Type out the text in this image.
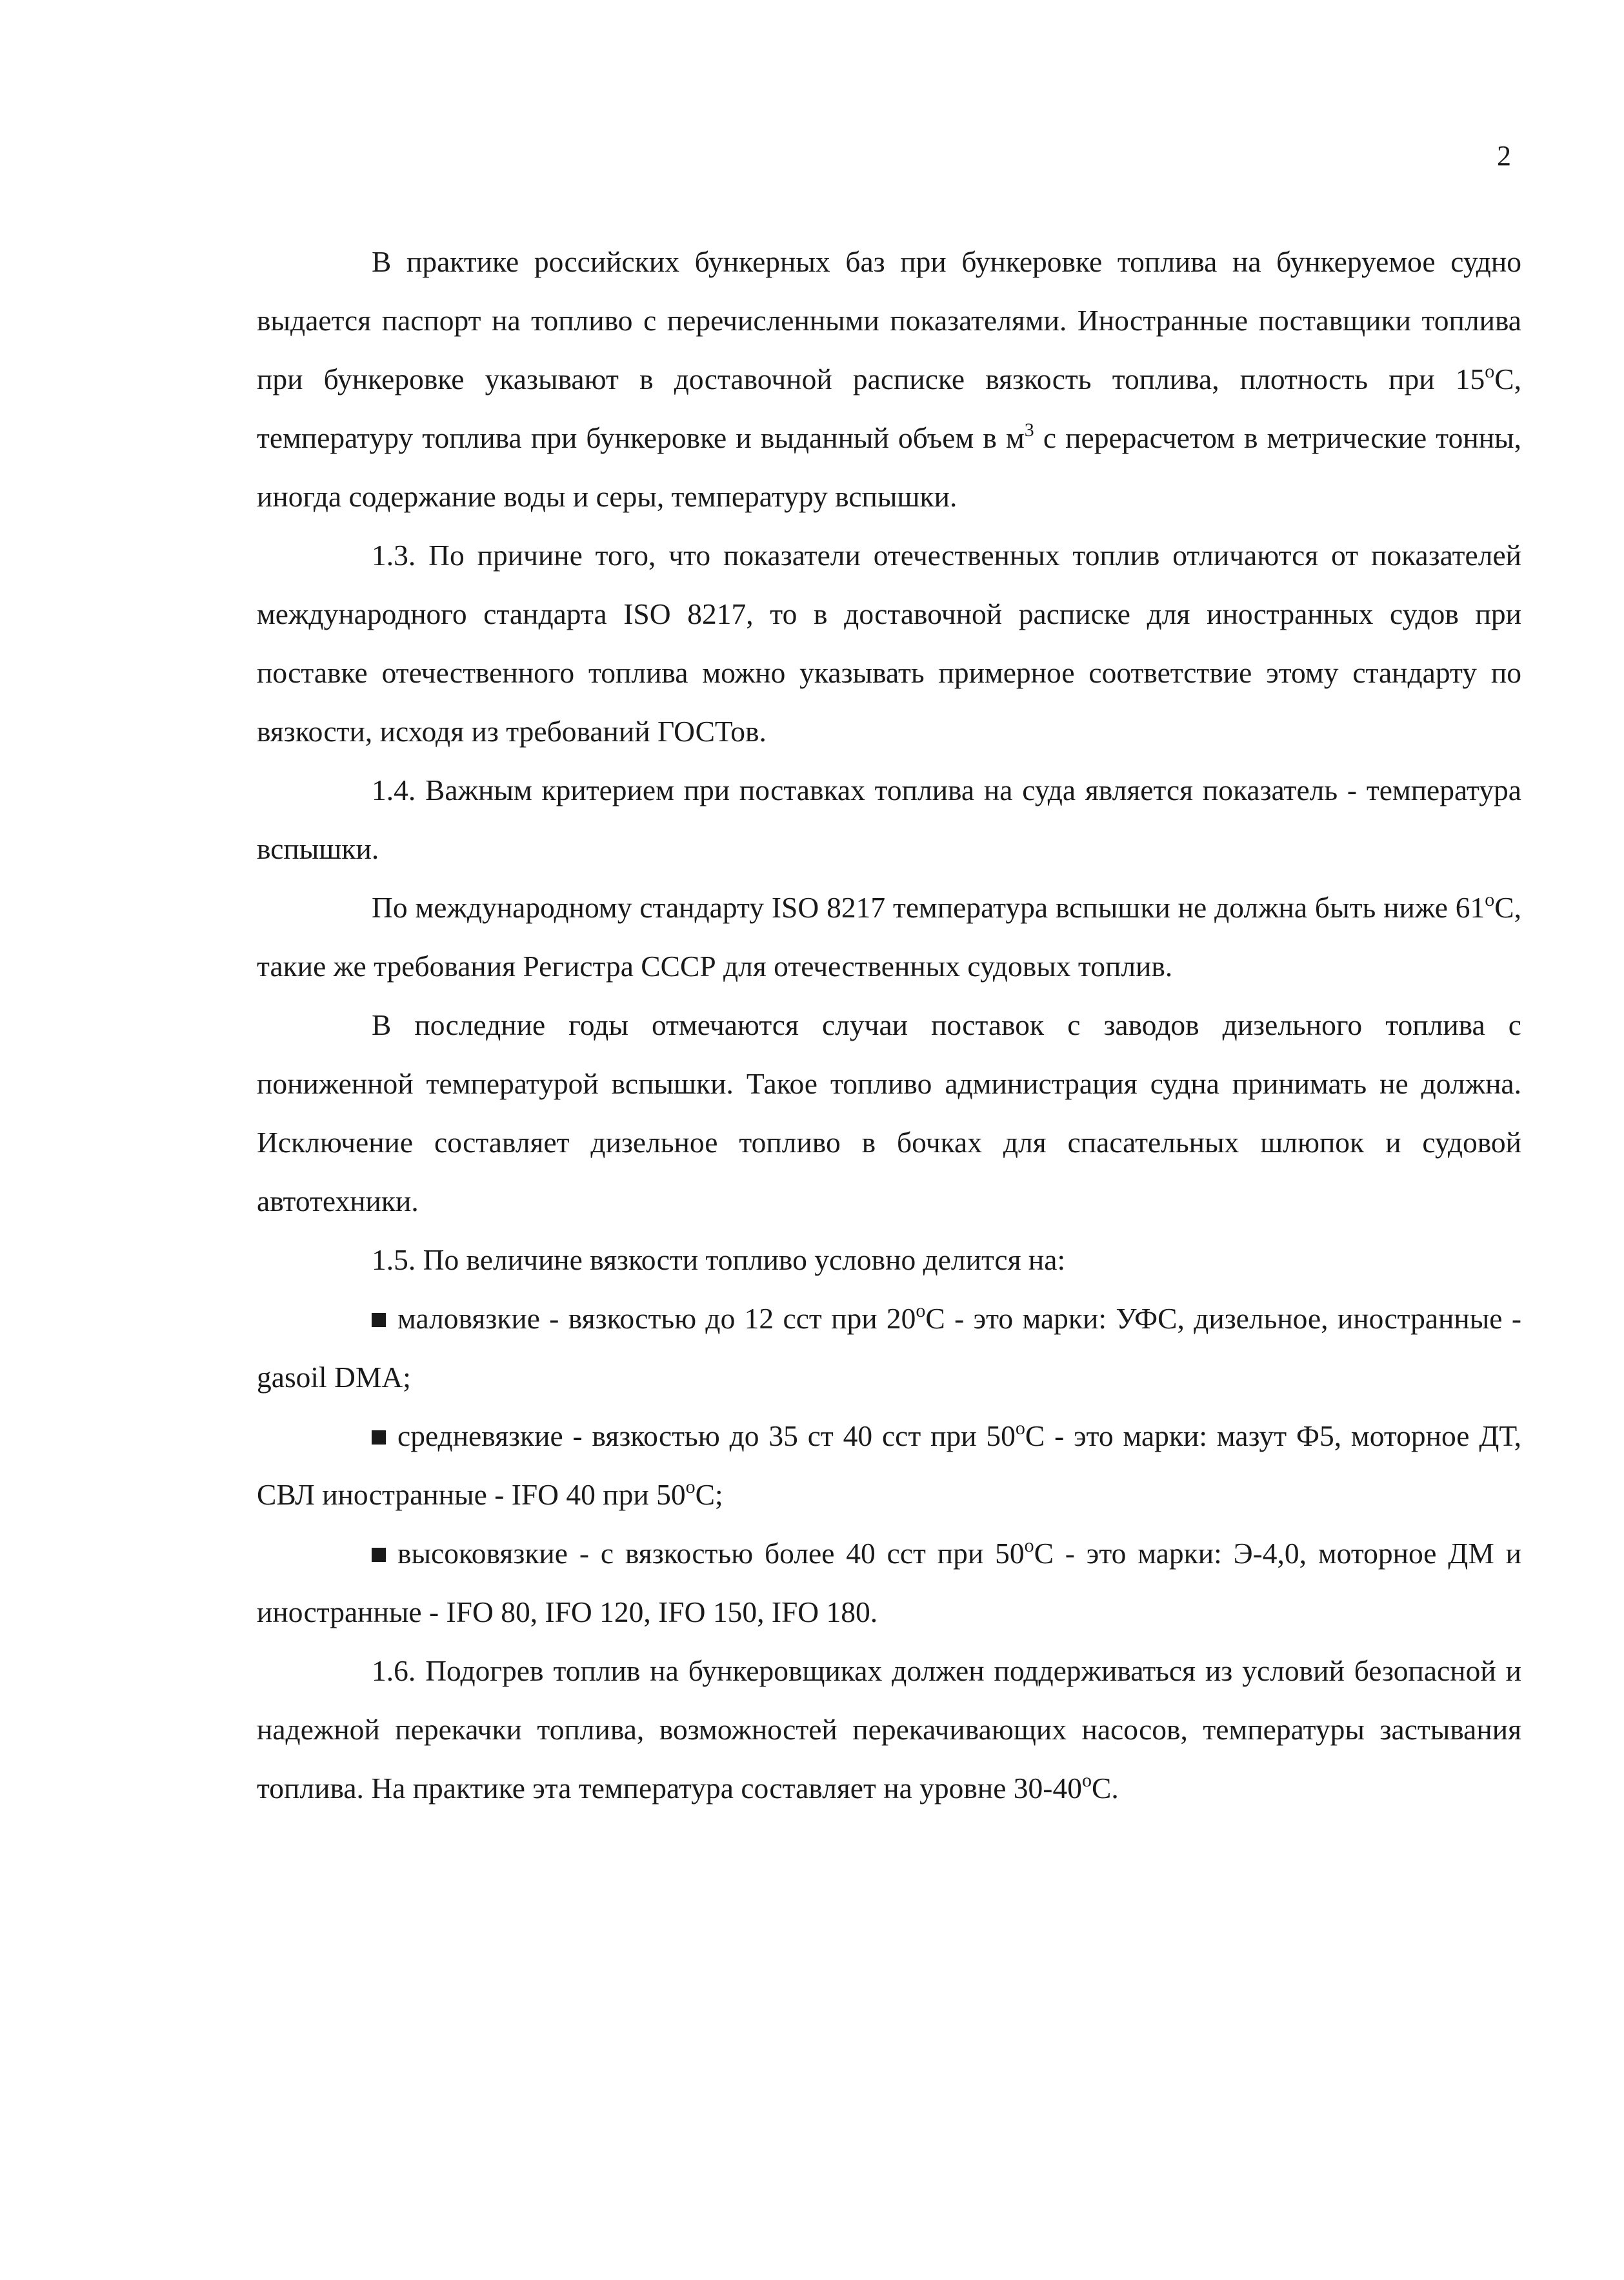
2

В практике российских бункерных баз при бункеровке топлива на бункеруемое судно выдается паспорт на топливо с перечисленными показателями. Иностранные поставщики топлива при бункеровке указывают в доставочной расписке вязкость топлива, плотность при $15^оС$, температуру топлива при бункеровке и выданный объем в $м^3$ с перерасчетом в метрические тонны, иногда содержание воды и серы, температуру вспышки.

1.3. По причине того, что показатели отечественных топлив отличаются от показателей международного стандарта ISO 8217, то в доставочной расписке для иностранных судов при поставке отечественного топлива можно указывать примерное соответствие этому стандарту по вязкости, исходя из требований ГОСТов.

1.4. Важным критерием при поставках топлива на суда является показатель - температура вспышки.

По международному стандарту ISO 8217 температура вспышки не должна быть ниже $61^оС$, такие же требования Регистра СССР для отечественных судовых топлив.

В последние годы отмечаются случаи поставок с заводов дизельного топлива с пониженной температурой вспышки. Такое топливо администрация судна принимать не должна. Исключение составляет дизельное топливо в бочках для спасательных шлюпок и судовой автотехники.

1.5. По величине вязкости топливо условно делится на:

маловязкие - вязкостью до 12 сст при $20^оС$ - это марки: УФС, дизельное, иностранные - gasoil DMA;

средневязкие - вязкостью до 35 ст 40 сст при $50^оС$ - это марки: мазут Ф5, моторное ДТ, СВЛ иностранные - IFO 40 при $50^оС$;

высоковязкие - с вязкостью более 40 сст при $50^оС$ - это марки: Э-4,0, моторное ДМ и иностранные - IFO 80, IFO 120, IFO 150, IFO 180.

1.6. Подогрев топлив на бункеровщиках должен поддерживаться из условий безопасной и надежной перекачки топлива, возможностей перекачивающих насосов, температуры застывания топлива. На практике эта температура составляет на уровне $30-40^оС$.
